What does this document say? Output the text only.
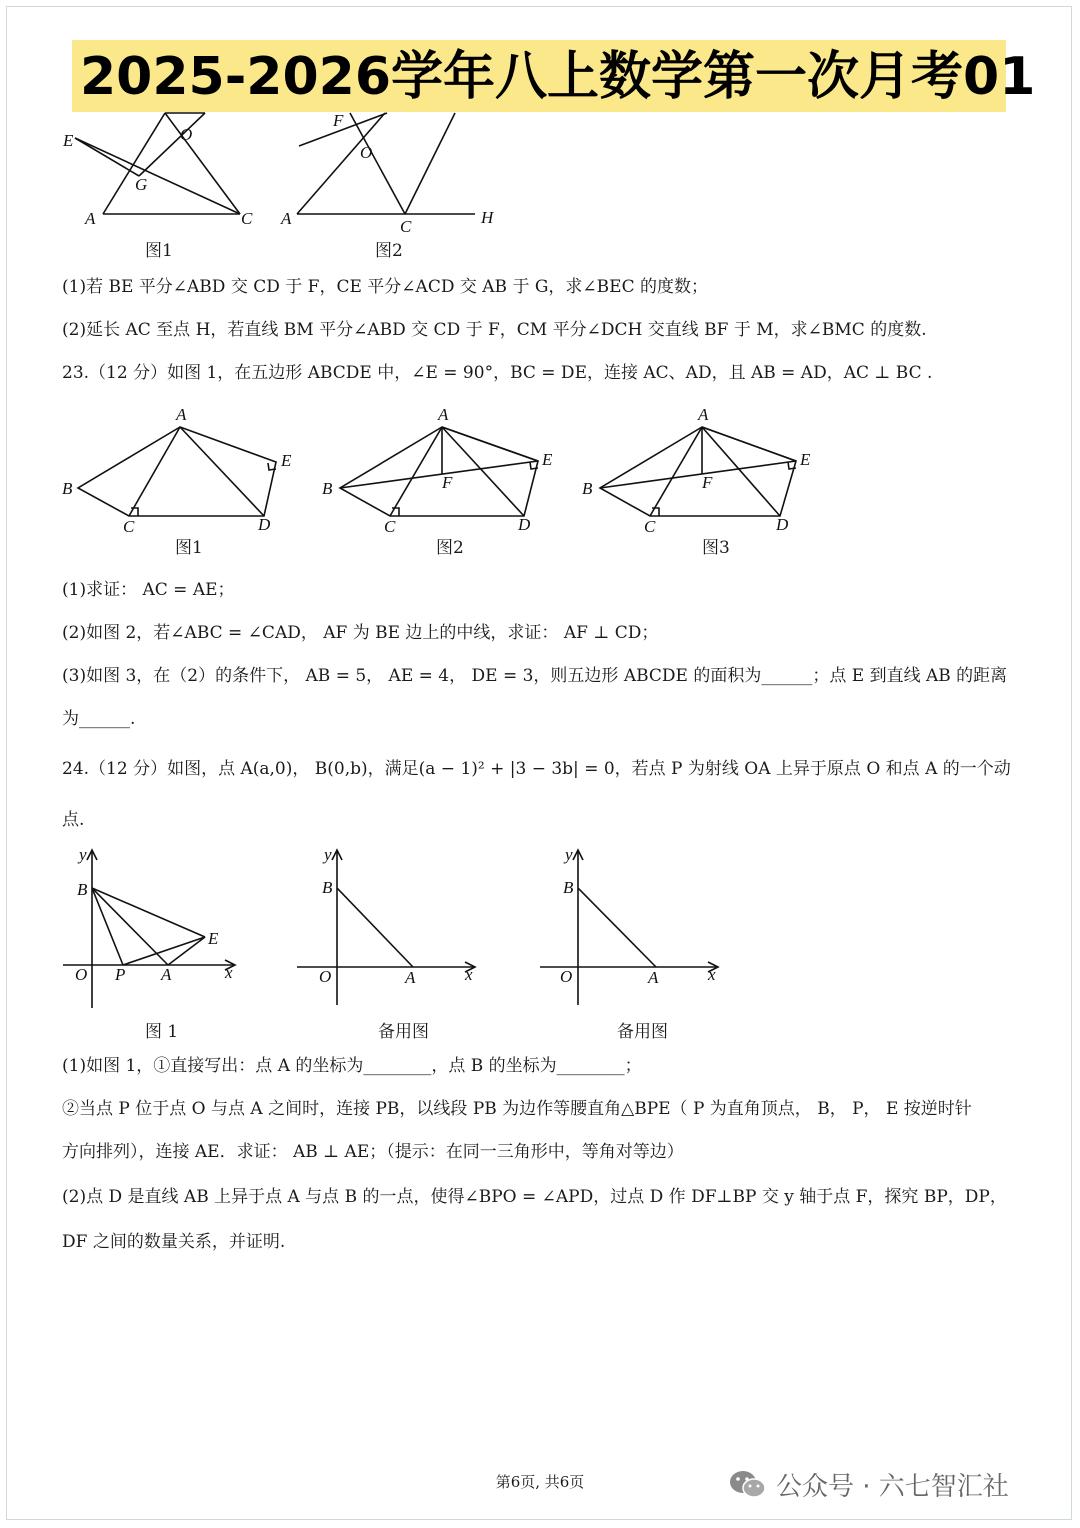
2025-2026学年八上数学第一次月考01
E	O
G
A	C
图1
F
O
A	C	H
图2
(1)若 BE 平分∠ABD 交 CD 于 F，CE 平分∠ACD 交 AB 于 G，求∠BEC 的度数；
(2)延长 AC 至点 H，若直线 BM 平分∠ABD 交 CD 于 F，CM 平分∠DCH 交直线 BF 于 M，求∠BMC 的度数.
23.（12 分）如图 1，在五边形 ABCDE 中，∠E = 90°，BC = DE，连接 AC、AD，且 AB = AD，AC ⊥ BC .
A
B
C	D
E
图1
A
B
C	D
E
F
图2
A
B
C	D
E
F
图3
(1)求证： AC = AE；
(2)如图 2，若∠ABC = ∠CAD， AF 为 BE 边上的中线，求证： AF ⊥ CD；
(3)如图 3，在（2）的条件下， AB = 5， AE = 4， DE = 3，则五边形 ABCDE 的面积为______；点 E 到直线 AB 的距离
为______.
24.（12 分）如图，点 A(a,0)， B(0,b)，满足(a − 1)² + |3 − 3b| = 0，若点 P 为射线 OA 上异于原点 O 和点 A 的一个动
点.
y
B
E
O P A	x
图 1
y
B
O	A	x
备用图
y
B
O	A	x
备用图
(1)如图 1，①直接写出：点 A 的坐标为________，点 B 的坐标为________；
②当点 P 位于点 O 与点 A 之间时，连接 PB，以线段 PB 为边作等腰直角△BPE（ P 为直角顶点， B， P， E 按逆时针
方向排列），连接 AE．求证： AB ⊥ AE；（提示：在同一三角形中，等角对等边）
(2)点 D 是直线 AB 上异于点 A 与点 B 的一点，使得∠BPO = ∠APD，过点 D 作 DF⊥BP 交 y 轴于点 F，探究 BP，DP，
DF 之间的数量关系，并证明.
第6页, 共6页	公众号 · 六七智汇社
